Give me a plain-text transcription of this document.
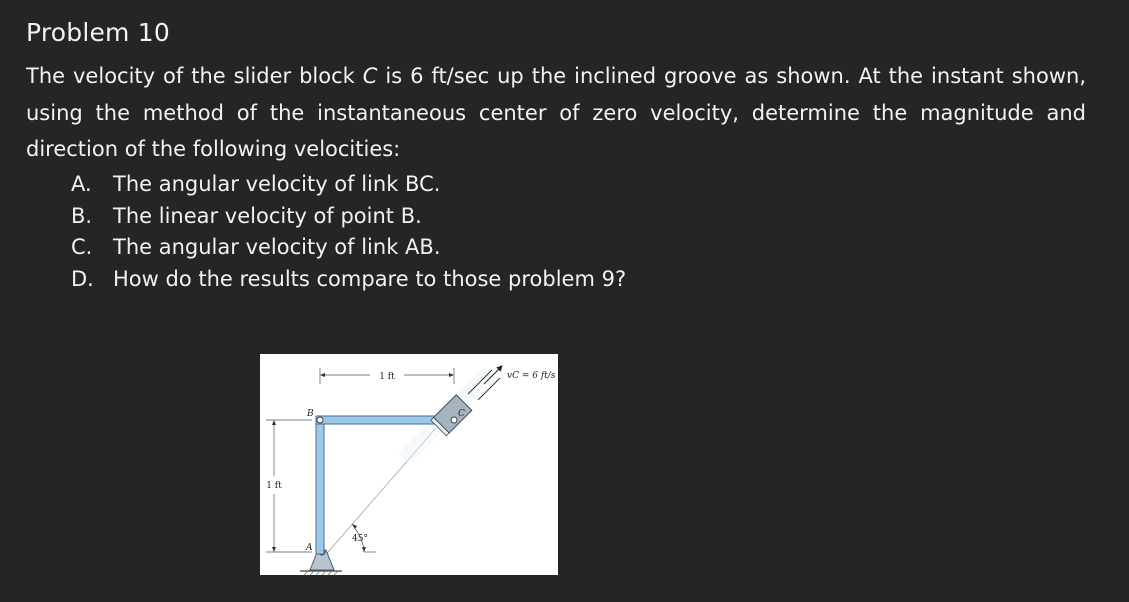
Problem 10
The velocity of the slider block C is 6 ft/sec up the inclined groove as shown. At the instant shown, using the method of the instantaneous center of zero velocity, determine the magnitude and direction of the following velocities:
A. The angular velocity of link BC.
B. The linear velocity of point B.
C. The angular velocity of link AB.
D. How do the results compare to those problem 9?
1 ft
1 ft
45°
vC = 6 ft/s
B
A
C
